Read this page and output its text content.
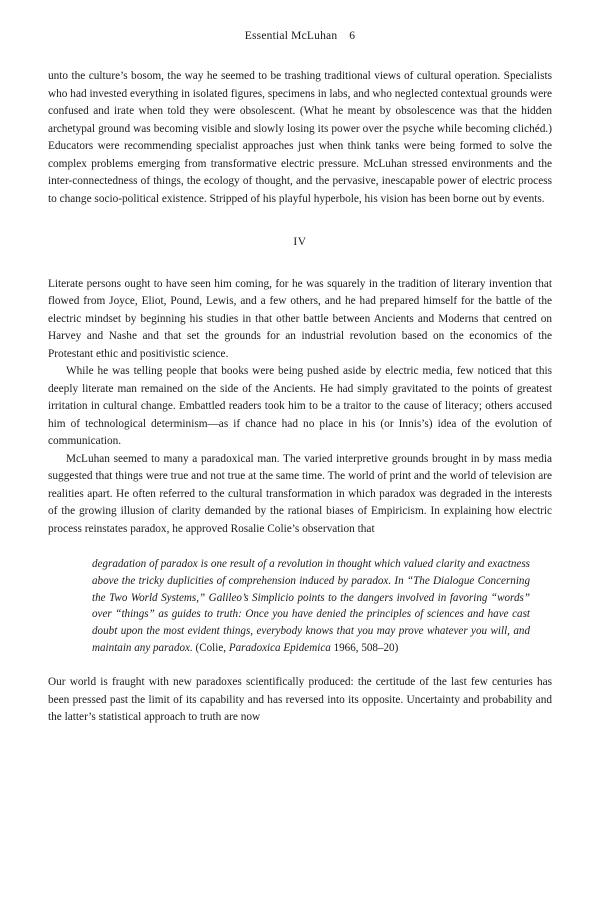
Essential McLuhan 6

unto the culture’s bosom, the way he seemed to be trashing traditional views of cultural operation. Specialists who had invested everything in isolated figures, specimens in labs, and who neglected contextual grounds were confused and irate when told they were obsolescent. (What he meant by obsolescence was that the hidden archetypal ground was becoming visible and slowly losing its power over the psyche while becoming clichéd.) Educators were recommending specialist approaches just when think tanks were being formed to solve the complex problems emerging from transformative electric pressure. McLuhan stressed environments and the inter-connectedness of things, the ecology of thought, and the pervasive, inescapable power of electric process to change socio-political existence. Stripped of his playful hyperbole, his vision has been borne out by events.

IV

Literate persons ought to have seen him coming, for he was squarely in the tradition of literary invention that flowed from Joyce, Eliot, Pound, Lewis, and a few others, and he had prepared himself for the battle of the electric mindset by beginning his studies in that other battle between Ancients and Moderns that centred on Harvey and Nashe and that set the grounds for an industrial revolution based on the economics of the Protestant ethic and positivistic science.

While he was telling people that books were being pushed aside by electric media, few noticed that this deeply literate man remained on the side of the Ancients. He had simply gravitated to the points of greatest irritation in cultural change. Embattled readers took him to be a traitor to the cause of literacy; others accused him of technological determinism—as if chance had no place in his (or Innis’s) idea of the evolution of communication.

McLuhan seemed to many a paradoxical man. The varied interpretive grounds brought in by mass media suggested that things were true and not true at the same time. The world of print and the world of television are realities apart. He often referred to the cultural transformation in which paradox was degraded in the interests of the growing illusion of clarity demanded by the rational biases of Empiricism. In explaining how electric process reinstates paradox, he approved Rosalie Colie’s observation that

degradation of paradox is one result of a revolution in thought which valued clarity and exactness above the tricky duplicities of comprehension induced by paradox. In “The Dialogue Concerning the Two World Systems,” Galileo’s Simplicio points to the dangers involved in favoring “words” over “things” as guides to truth: Once you have denied the principles of sciences and have cast doubt upon the most evident things, everybody knows that you may prove whatever you will, and maintain any paradox. (Colie, Paradoxica Epidemica 1966, 508–20)

Our world is fraught with new paradoxes scientifically produced: the certitude of the last few centuries has been pressed past the limit of its capability and has reversed into its opposite. Uncertainty and probability and the latter’s statistical approach to truth are now
